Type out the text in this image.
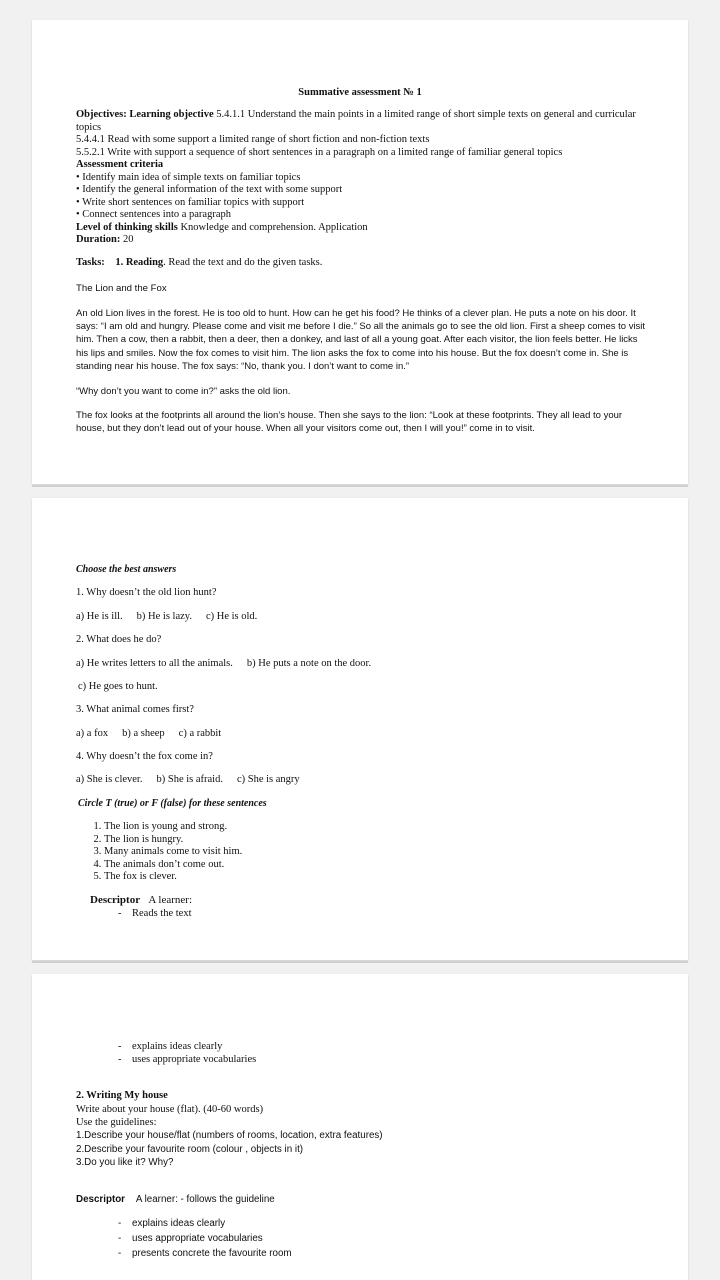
Summative assessment № 1
Objectives: Learning objective 5.4.1.1 Understand the main points in a limited range of short simple texts on general and curricular topics
5.4.4.1 Read with some support a limited range of short fiction and non-fiction texts
5.5.2.1 Write with support a sequence of short sentences in a paragraph on a limited range of familiar general topics
Assessment criteria
• Identify main idea of simple texts on familiar topics
• Identify the general information of the text with some support
• Write short sentences on familiar topics with support
• Connect sentences into a paragraph
Level of thinking skills Knowledge and comprehension. Application
Duration: 20
Tasks: 1. Reading. Read the text and do the given tasks.
The Lion and the Fox
An old Lion lives in the forest. He is too old to hunt. How can he get his food? He thinks of a clever plan. He puts a note on his door. It says: “I am old and hungry. Please come and visit me before I die.” So all the animals go to see the old lion. First a sheep comes to visit him. Then a cow, then a rabbit, then a deer, then a donkey, and last of all a young goat. After each visitor, the lion feels better. He licks his lips and smiles. Now the fox comes to visit him. The lion asks the fox to come into his house. But the fox doesn’t come in. She is standing near his house. The fox says: “No, thank you. I don’t want to come in.”
“Why don’t you want to come in?” asks the old lion.
The fox looks at the footprints all around the lion’s house. Then she says to the lion: “Look at these footprints. They all lead to your house, but they don’t lead out of your house. When all your visitors come out, then I will you!” come in to visit.
Choose the best answers
1. Why doesn’t the old lion hunt?
a) He is ill. b) He is lazy. c) He is old.
2. What does he do?
a) He writes letters to all the animals. b) He puts a note on the door.
c) He goes to hunt.
3. What animal comes first?
a) a fox b) a sheep c) a rabbit
4. Why doesn’t the fox come in?
a) She is clever. b) She is afraid. c) She is angry
Circle T (true) or F (false) for these sentences
1. The lion is young and strong.
2. The lion is hungry.
3. Many animals come to visit him.
4. The animals don’t come out.
5. The fox is clever.
Descriptor A learner:
- Reads the text
- explains ideas clearly
- uses appropriate vocabularies
2. Writing My house
Write about your house (flat). (40-60 words)
Use the guidelines:
1.Describe your house/flat (numbers of rooms, location, extra features)
2.Describe your favourite room (colour , objects in it)
3.Do you like it? Why?
Descriptor A learner: - follows the guideline
- explains ideas clearly
- uses appropriate vocabularies
- presents concrete the favourite room
